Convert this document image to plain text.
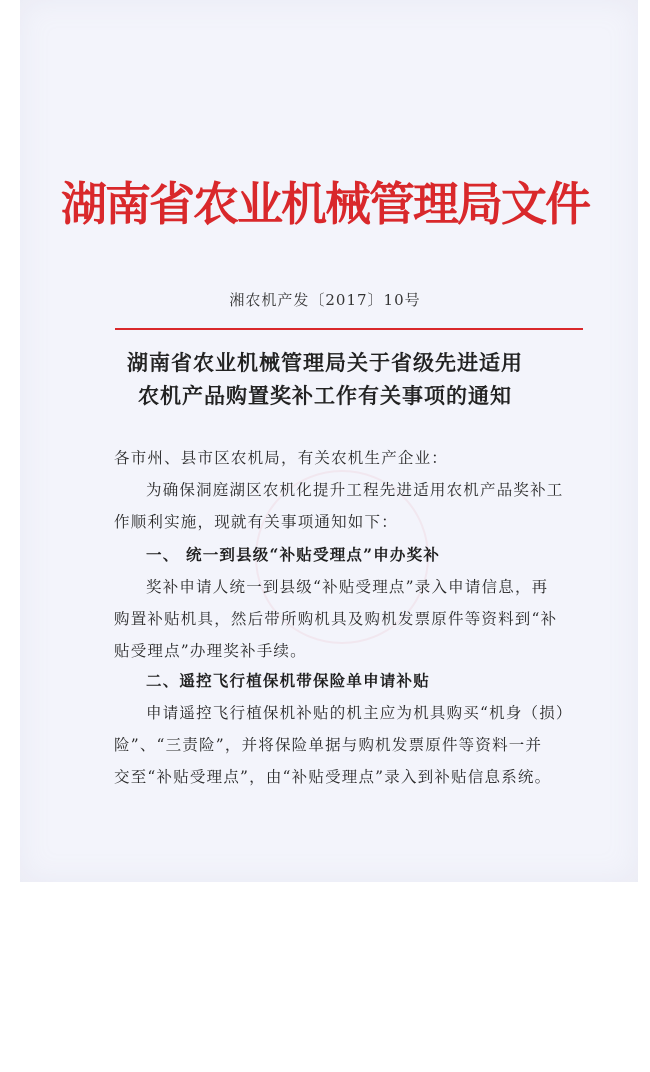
湖南省农业机械管理局文件
湘农机产发〔2017〕10号
湖南省农业机械管理局关于省级先进适用
农机产品购置奖补工作有关事项的通知
各市州、县市区农机局，有关农机生产企业：
为确保洞庭湖区农机化提升工程先进适用农机产品奖补工
作顺利实施，现就有关事项通知如下：
一、 统一到县级“补贴受理点”申办奖补
奖补申请人统一到县级“补贴受理点”录入申请信息，再
购置补贴机具，然后带所购机具及购机发票原件等资料到“补
贴受理点”办理奖补手续。
二、遥控飞行植保机带保险单申请补贴
申请遥控飞行植保机补贴的机主应为机具购买“机身（损）
险”、“三责险”，并将保险单据与购机发票原件等资料一并
交至“补贴受理点”，由“补贴受理点”录入到补贴信息系统。
